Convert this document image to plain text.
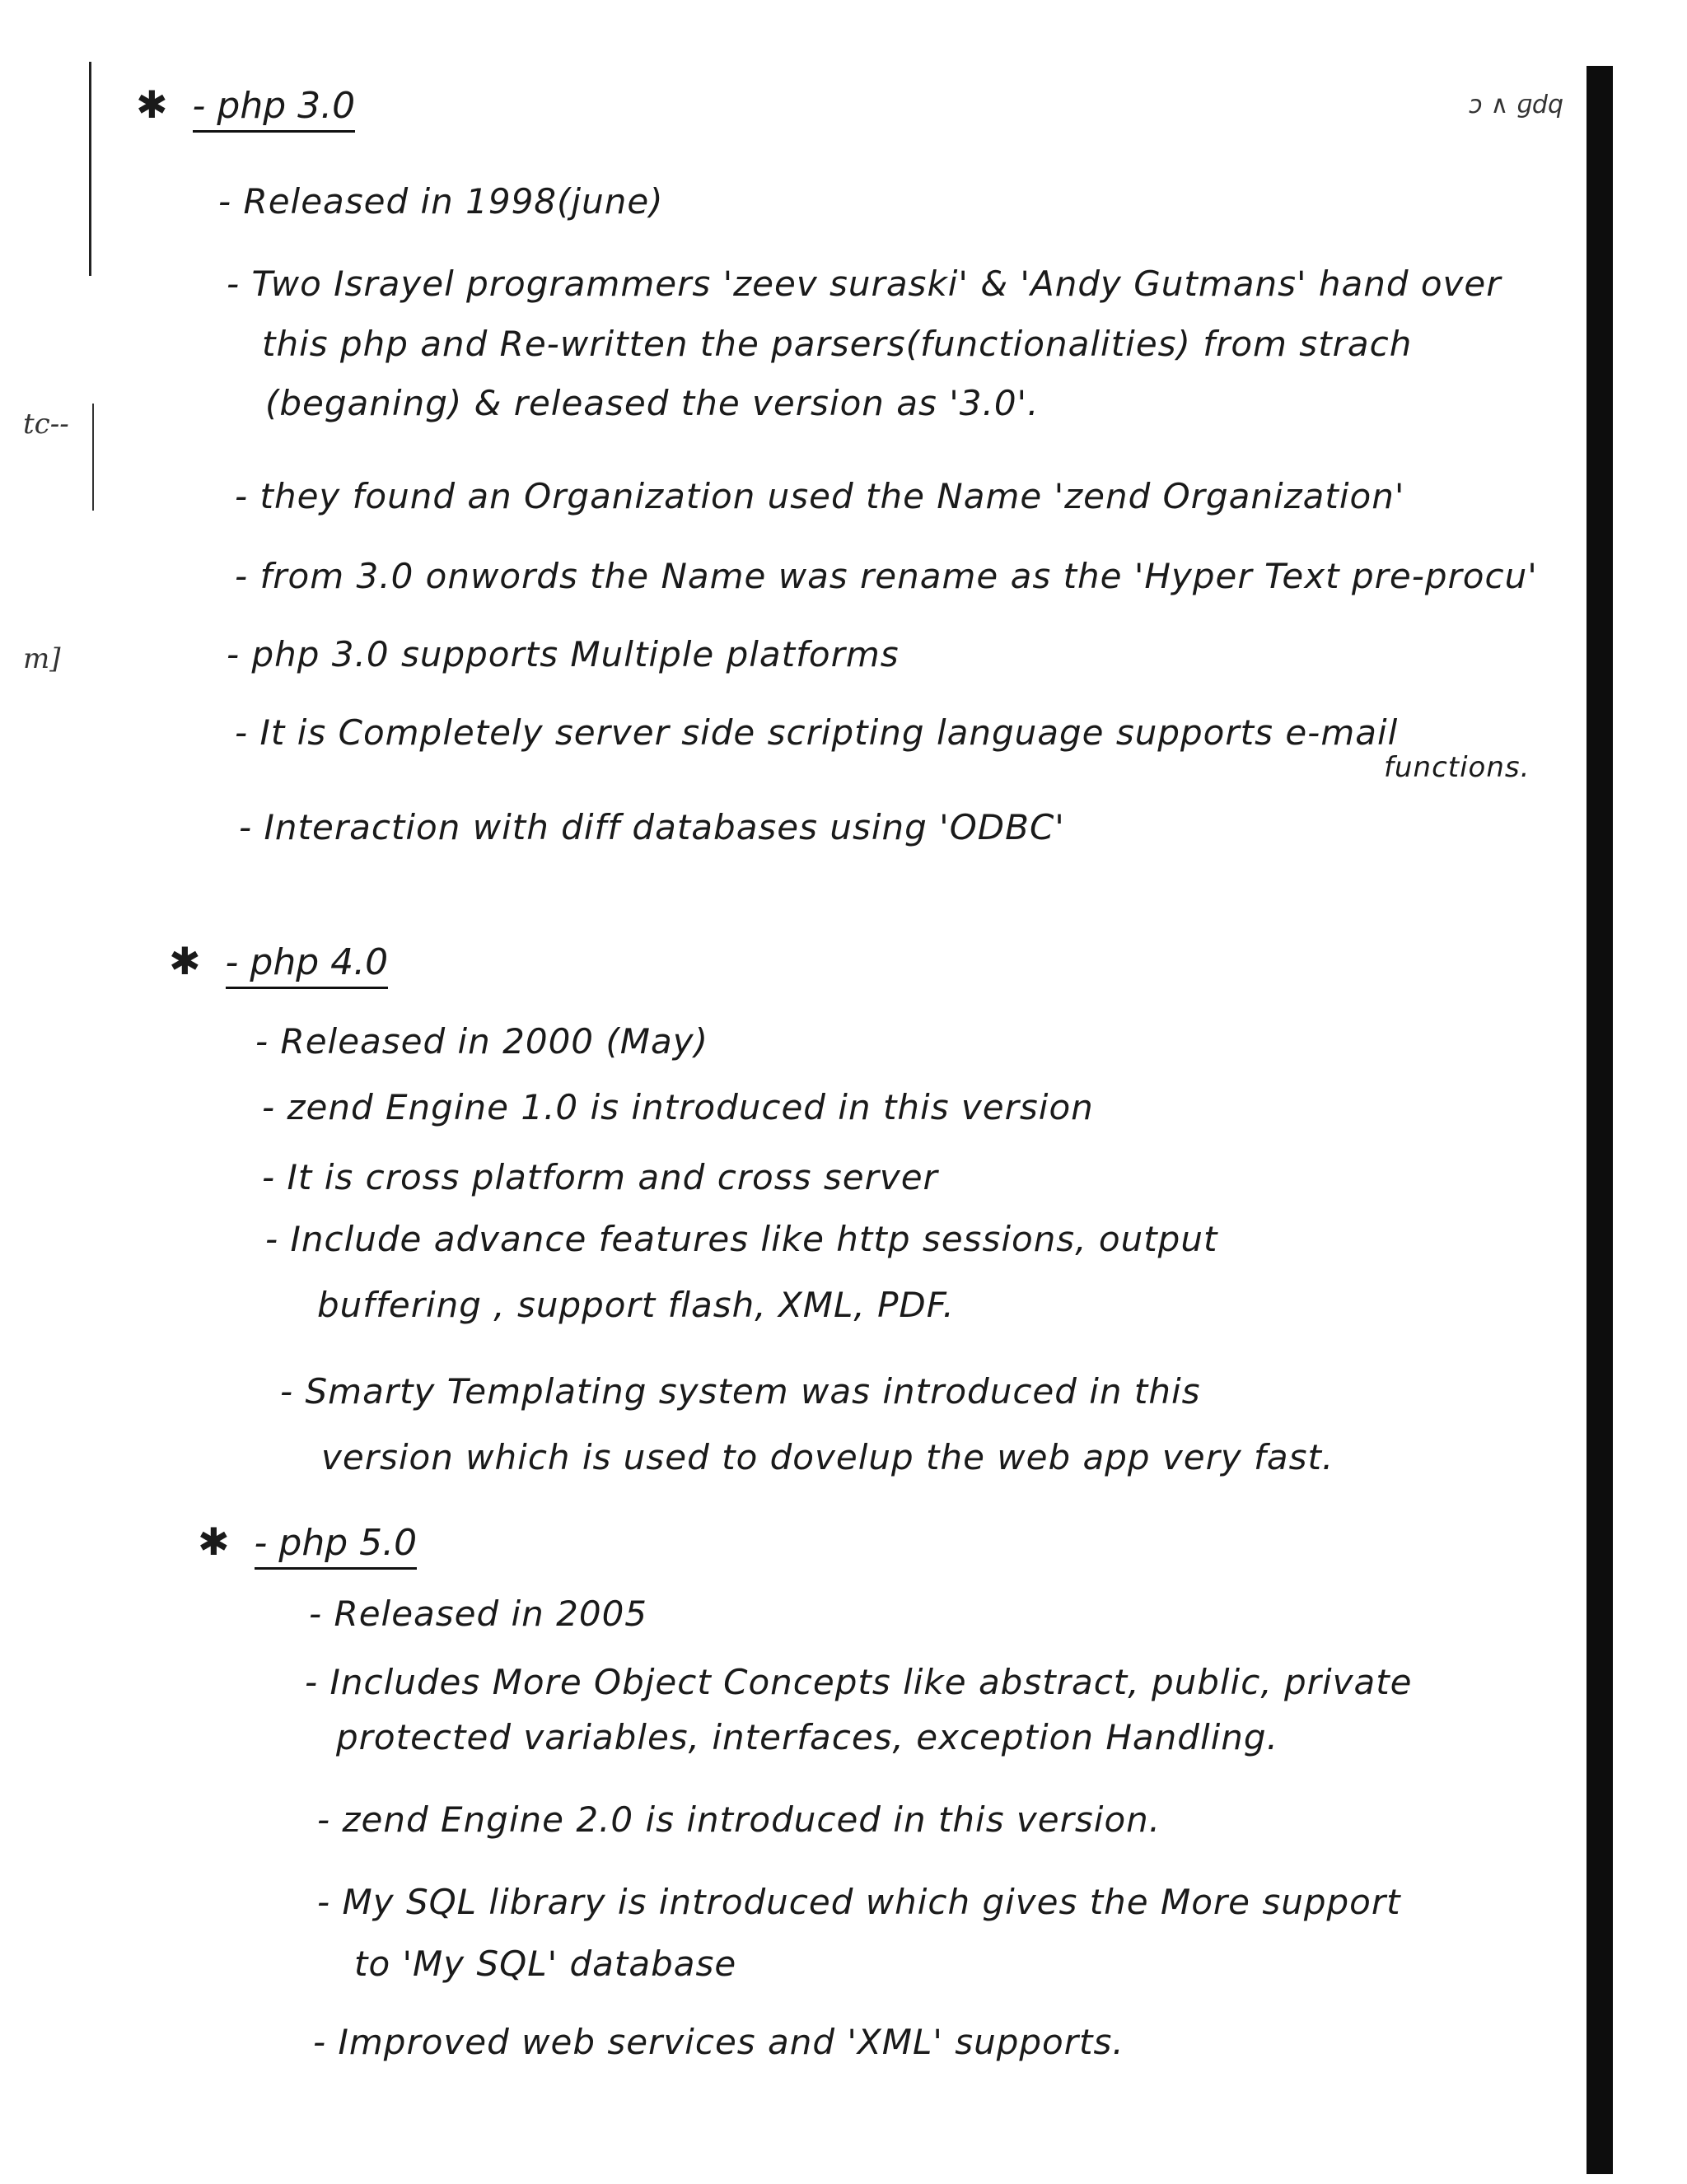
ɔ ∧ ɡdq
tc--
m]
✱ - php 3.0
- Released in 1998(june)
- Two Israyel programmers 'zeev suraski' & 'Andy Gutmans' hand over
this php and Re-written the parsers(functionalities) from strach
(beganing) & released the version as '3.0'.
- they found an Organization used the Name 'zend Organization'
- from 3.0 onwords the Name was rename as the 'Hyper Text pre-procu'
- php 3.0 supports Multiple platforms
- It is Completely server side scripting language supports e-mail
functions.
- Interaction with diff databases using 'ODBC'
✱ - php 4.0
- Released in 2000 (May)
- zend Engine 1.0 is introduced in this version
- It is cross platform and cross server
- Include advance features like http sessions, output
buffering , support flash, XML, PDF.
- Smarty Templating system was introduced in this
version which is used to dovelup the web app very fast.
✱ - php 5.0
- Released in 2005
- Includes More Object Concepts like abstract, public, private
protected variables, interfaces, exception Handling.
- zend Engine 2.0 is introduced in this version.
- My SQL library is introduced which gives the More support
to 'My SQL' database
- Improved web services and 'XML' supports.
